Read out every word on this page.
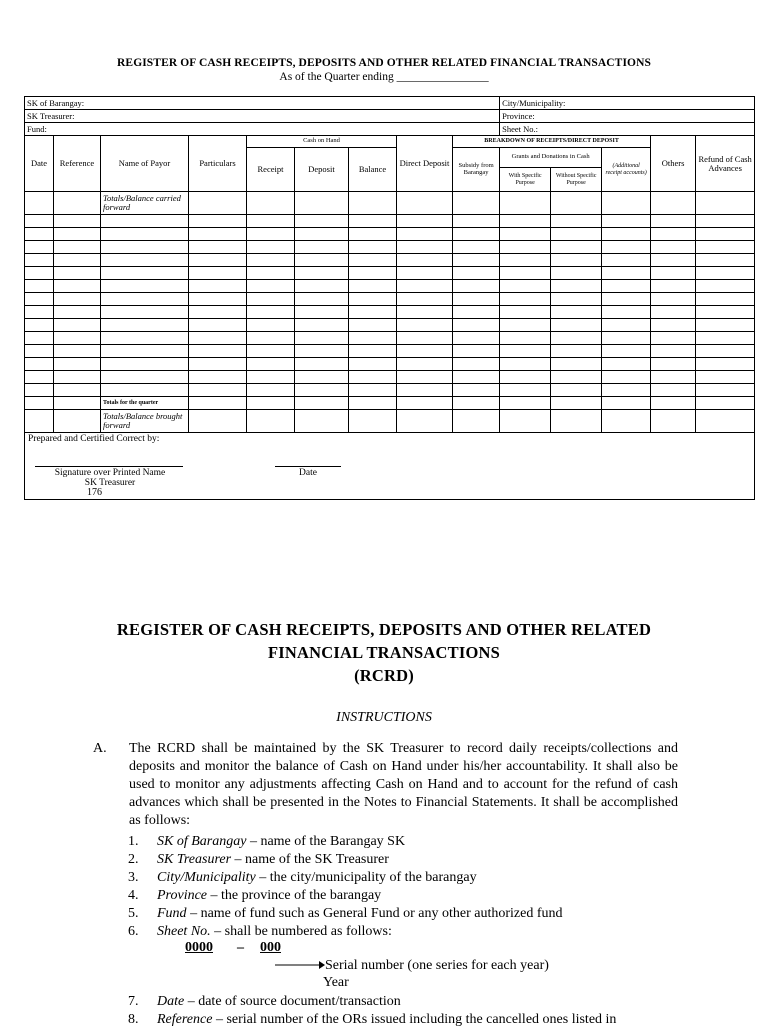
REGISTER OF CASH RECEIPTS, DEPOSITS AND OTHER RELATED FINANCIAL TRANSACTIONS
As of the Quarter ending ________________
SK of Barangay:									City/Municipality:				
SK Treasurer:									Province:				
Fund:									Sheet No.:				
Date	Reference	Name of Payor	Particulars	Cash on Hand			Direct Deposit	BREAKDOWN OF RECEIPTS/DIRECT DEPOSIT				Others	Refund of Cash Advances
				Receipt	Deposit	Balance		Subsidy from Barangay	Grants and Donations in Cash		(Additional receipt accounts)		
									With Specific Purpose	Without Specific Purpose			
		Totals/Balance carried forward											

		Totals for the quarter											
		Totals/Balance brought forward											

Prepared and Certified Correct by:
Signature over Printed Name
SK Treasurer
Date													
176
REGISTER OF CASH RECEIPTS, DEPOSITS AND OTHER RELATED
FINANCIAL TRANSACTIONS
(RCRD)
INSTRUCTIONS
A. The RCRD shall be maintained by the SK Treasurer to record daily receipts/collections and deposits and monitor the balance of Cash on Hand under his/her accountability. It shall also be used to monitor any adjustments affecting Cash on Hand and to account for the refund of cash advances which shall be presented in the Notes to Financial Statements. It shall be accomplished as follows:
1. SK of Barangay – name of the Barangay SK
2. SK Treasurer – name of the SK Treasurer
3. City/Municipality – the city/municipality of the barangay
4. Province – the province of the barangay
5. Fund – name of fund such as General Fund or any other authorized fund
6. Sheet No. – shall be numbered as follows:
0000 – 000
Serial number (one series for each year)
Year
7. Date – date of source document/transaction
8. Reference – serial number of the ORs issued including the cancelled ones listed in
